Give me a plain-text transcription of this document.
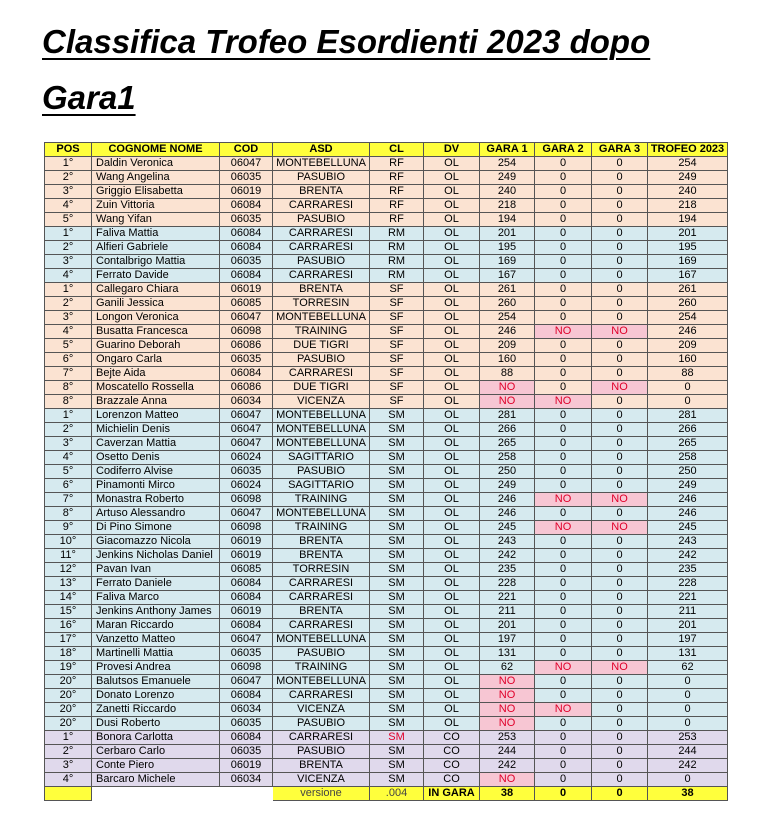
Classifica Trofeo Esordienti 2023 dopo
Gara1
POS	COGNOME NOME	COD	ASD	CL	DV	GARA 1	GARA 2	GARA 3	TROFEO 2023
1°	Daldin Veronica	06047	MONTEBELLUNA	RF	OL	254	0	0	254
2°	Wang Angelina	06035	PASUBIO	RF	OL	249	0	0	249
3°	Griggio Elisabetta	06019	BRENTA	RF	OL	240	0	0	240
4°	Zuin Vittoria	06084	CARRARESI	RF	OL	218	0	0	218
5°	Wang Yifan	06035	PASUBIO	RF	OL	194	0	0	194
1°	Faliva Mattia	06084	CARRARESI	RM	OL	201	0	0	201
2°	Alfieri Gabriele	06084	CARRARESI	RM	OL	195	0	0	195
3°	Contalbrigo Mattia	06035	PASUBIO	RM	OL	169	0	0	169
4°	Ferrato Davide	06084	CARRARESI	RM	OL	167	0	0	167
1°	Callegaro Chiara	06019	BRENTA	SF	OL	261	0	0	261
2°	Ganili Jessica	06085	TORRESIN	SF	OL	260	0	0	260
3°	Longon Veronica	06047	MONTEBELLUNA	SF	OL	254	0	0	254
4°	Busatta Francesca	06098	TRAINING	SF	OL	246	NO	NO	246
5°	Guarino Deborah	06086	DUE TIGRI	SF	OL	209	0	0	209
6°	Ongaro Carla	06035	PASUBIO	SF	OL	160	0	0	160
7°	Bejte Aida	06084	CARRARESI	SF	OL	88	0	0	88
8°	Moscatello Rossella	06086	DUE TIGRI	SF	OL	NO	0	NO	0
8°	Brazzale Anna	06034	VICENZA	SF	OL	NO	NO	0	0
1°	Lorenzon Matteo	06047	MONTEBELLUNA	SM	OL	281	0	0	281
2°	Michielin Denis	06047	MONTEBELLUNA	SM	OL	266	0	0	266
3°	Caverzan Mattia	06047	MONTEBELLUNA	SM	OL	265	0	0	265
4°	Osetto Denis	06024	SAGITTARIO	SM	OL	258	0	0	258
5°	Codiferro Alvise	06035	PASUBIO	SM	OL	250	0	0	250
6°	Pinamonti Mirco	06024	SAGITTARIO	SM	OL	249	0	0	249
7°	Monastra Roberto	06098	TRAINING	SM	OL	246	NO	NO	246
8°	Artuso Alessandro	06047	MONTEBELLUNA	SM	OL	246	0	0	246
9°	Di Pino Simone	06098	TRAINING	SM	OL	245	NO	NO	245
10°	Giacomazzo Nicola	06019	BRENTA	SM	OL	243	0	0	243
11°	Jenkins Nicholas Daniel	06019	BRENTA	SM	OL	242	0	0	242
12°	Pavan Ivan	06085	TORRESIN	SM	OL	235	0	0	235
13°	Ferrato Daniele	06084	CARRARESI	SM	OL	228	0	0	228
14°	Faliva Marco	06084	CARRARESI	SM	OL	221	0	0	221
15°	Jenkins Anthony James	06019	BRENTA	SM	OL	211	0	0	211
16°	Maran Riccardo	06084	CARRARESI	SM	OL	201	0	0	201
17°	Vanzetto Matteo	06047	MONTEBELLUNA	SM	OL	197	0	0	197
18°	Martinelli Mattia	06035	PASUBIO	SM	OL	131	0	0	131
19°	Provesi Andrea	06098	TRAINING	SM	OL	62	NO	NO	62
20°	Balutsos Emanuele	06047	MONTEBELLUNA	SM	OL	NO	0	0	0
20°	Donato Lorenzo	06084	CARRARESI	SM	OL	NO	0	0	0
20°	Zanetti Riccardo	06034	VICENZA	SM	OL	NO	NO	0	0
20°	Dusi Roberto	06035	PASUBIO	SM	OL	NO	0	0	0
1°	Bonora Carlotta	06084	CARRARESI	SM	CO	253	0	0	253
2°	Cerbaro Carlo	06035	PASUBIO	SM	CO	244	0	0	244
3°	Conte Piero	06019	BRENTA	SM	CO	242	0	0	242
4°	Barcaro Michele	06034	VICENZA	SM	CO	NO	0	0	0
			versione	.004	IN GARA	38	0	0	38
